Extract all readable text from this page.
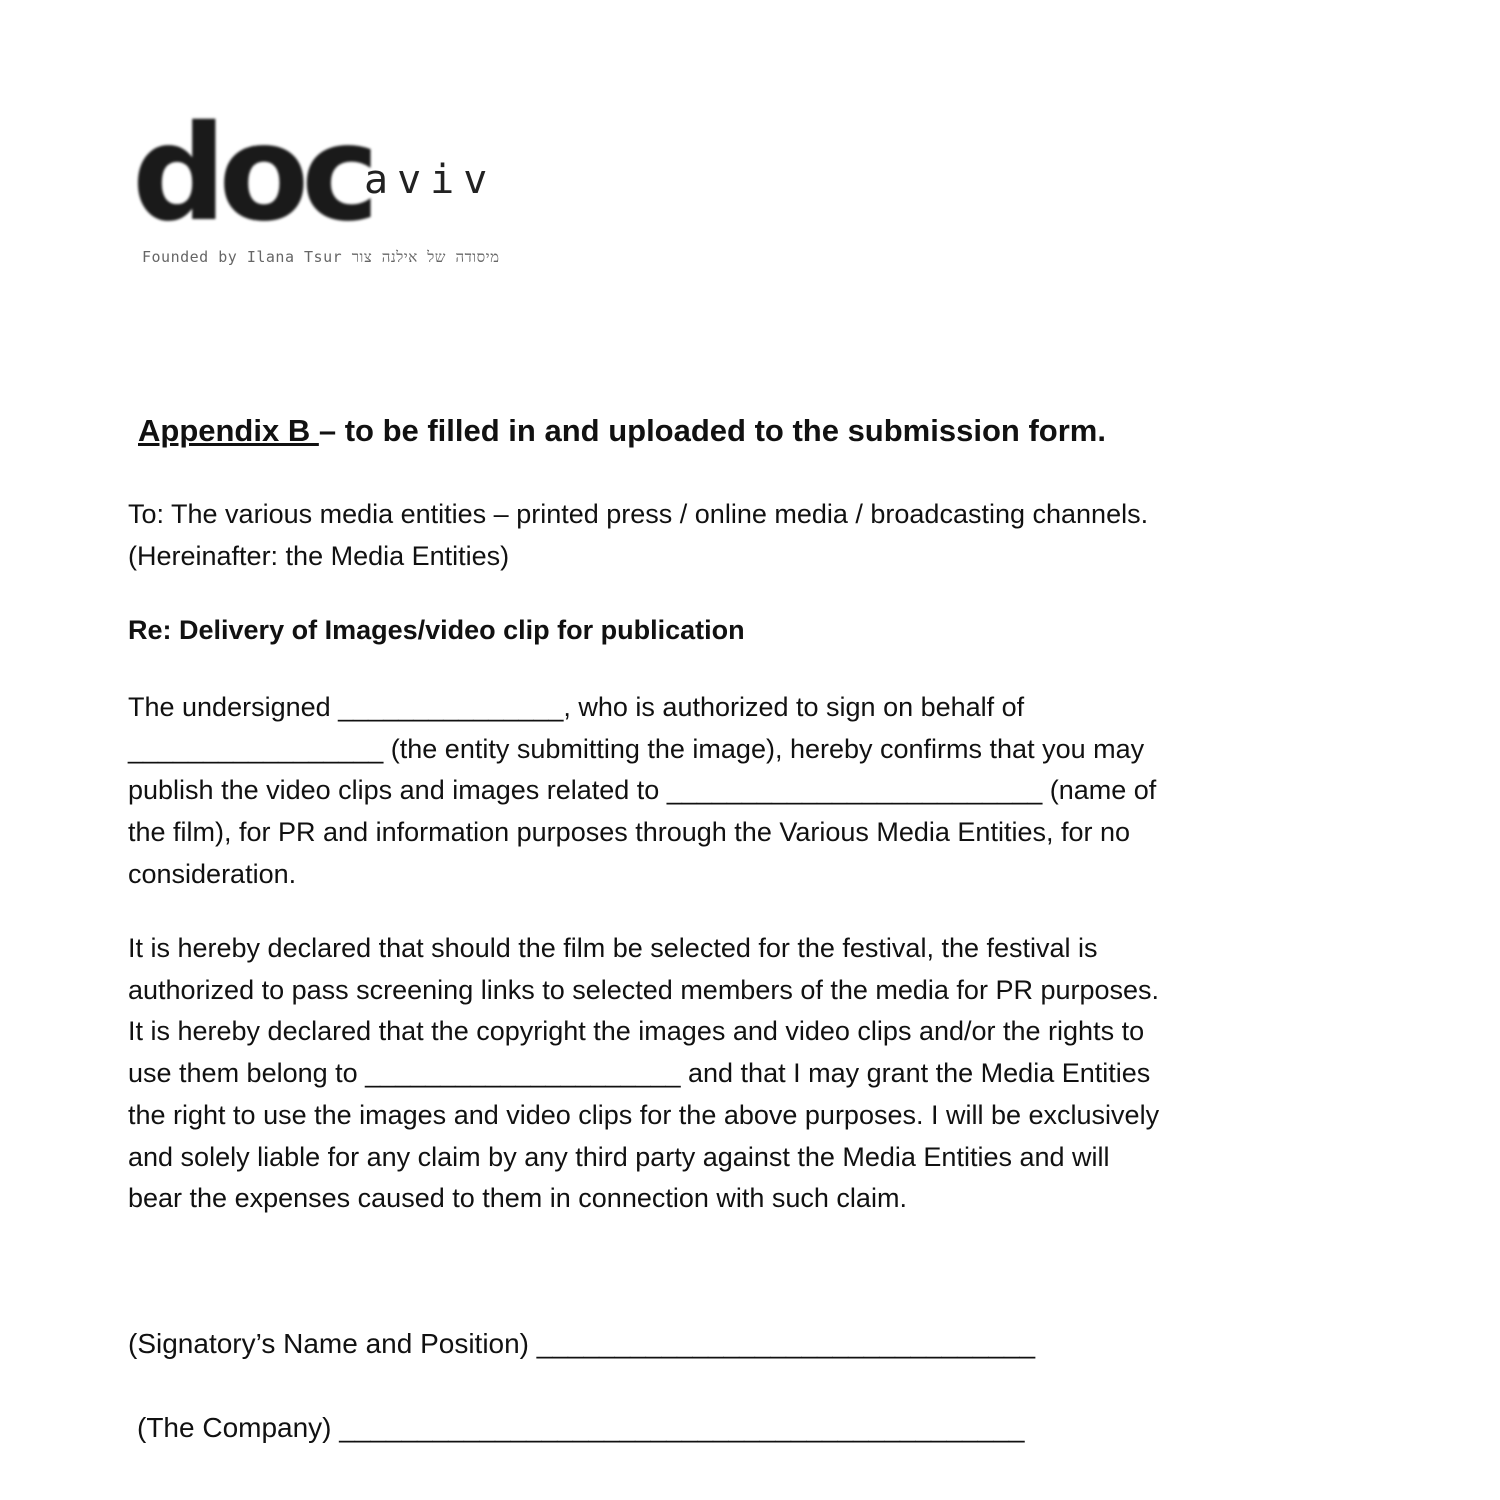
doc
aviv
Founded by Ilana Tsur מיסודה של אילנה צור
Appendix B – to be filled in and uploaded to the submission form.
To: The various media entities – printed press / online media / broadcasting channels.
(Hereinafter: the Media Entities)
Re: Delivery of Images/video clip for publication
The undersigned _______________, who is authorized to sign on behalf of
_________________ (the entity submitting the image), hereby confirms that you may
publish the video clips and images related to _________________________ (name of
the film), for PR and information purposes through the Various Media Entities, for no
consideration.
It is hereby declared that should the film be selected for the festival, the festival is
authorized to pass screening links to selected members of the media for PR purposes.
It is hereby declared that the copyright the images and video clips and/or the rights to
use them belong to _____________________ and that I may grant the Media Entities
the right to use the images and video clips for the above purposes. I will be exclusively
and solely liable for any claim by any third party against the Media Entities and will
bear the expenses caused to them in connection with such claim.
(Signatory’s Name and Position) ________________________________
(The Company) ____________________________________________
